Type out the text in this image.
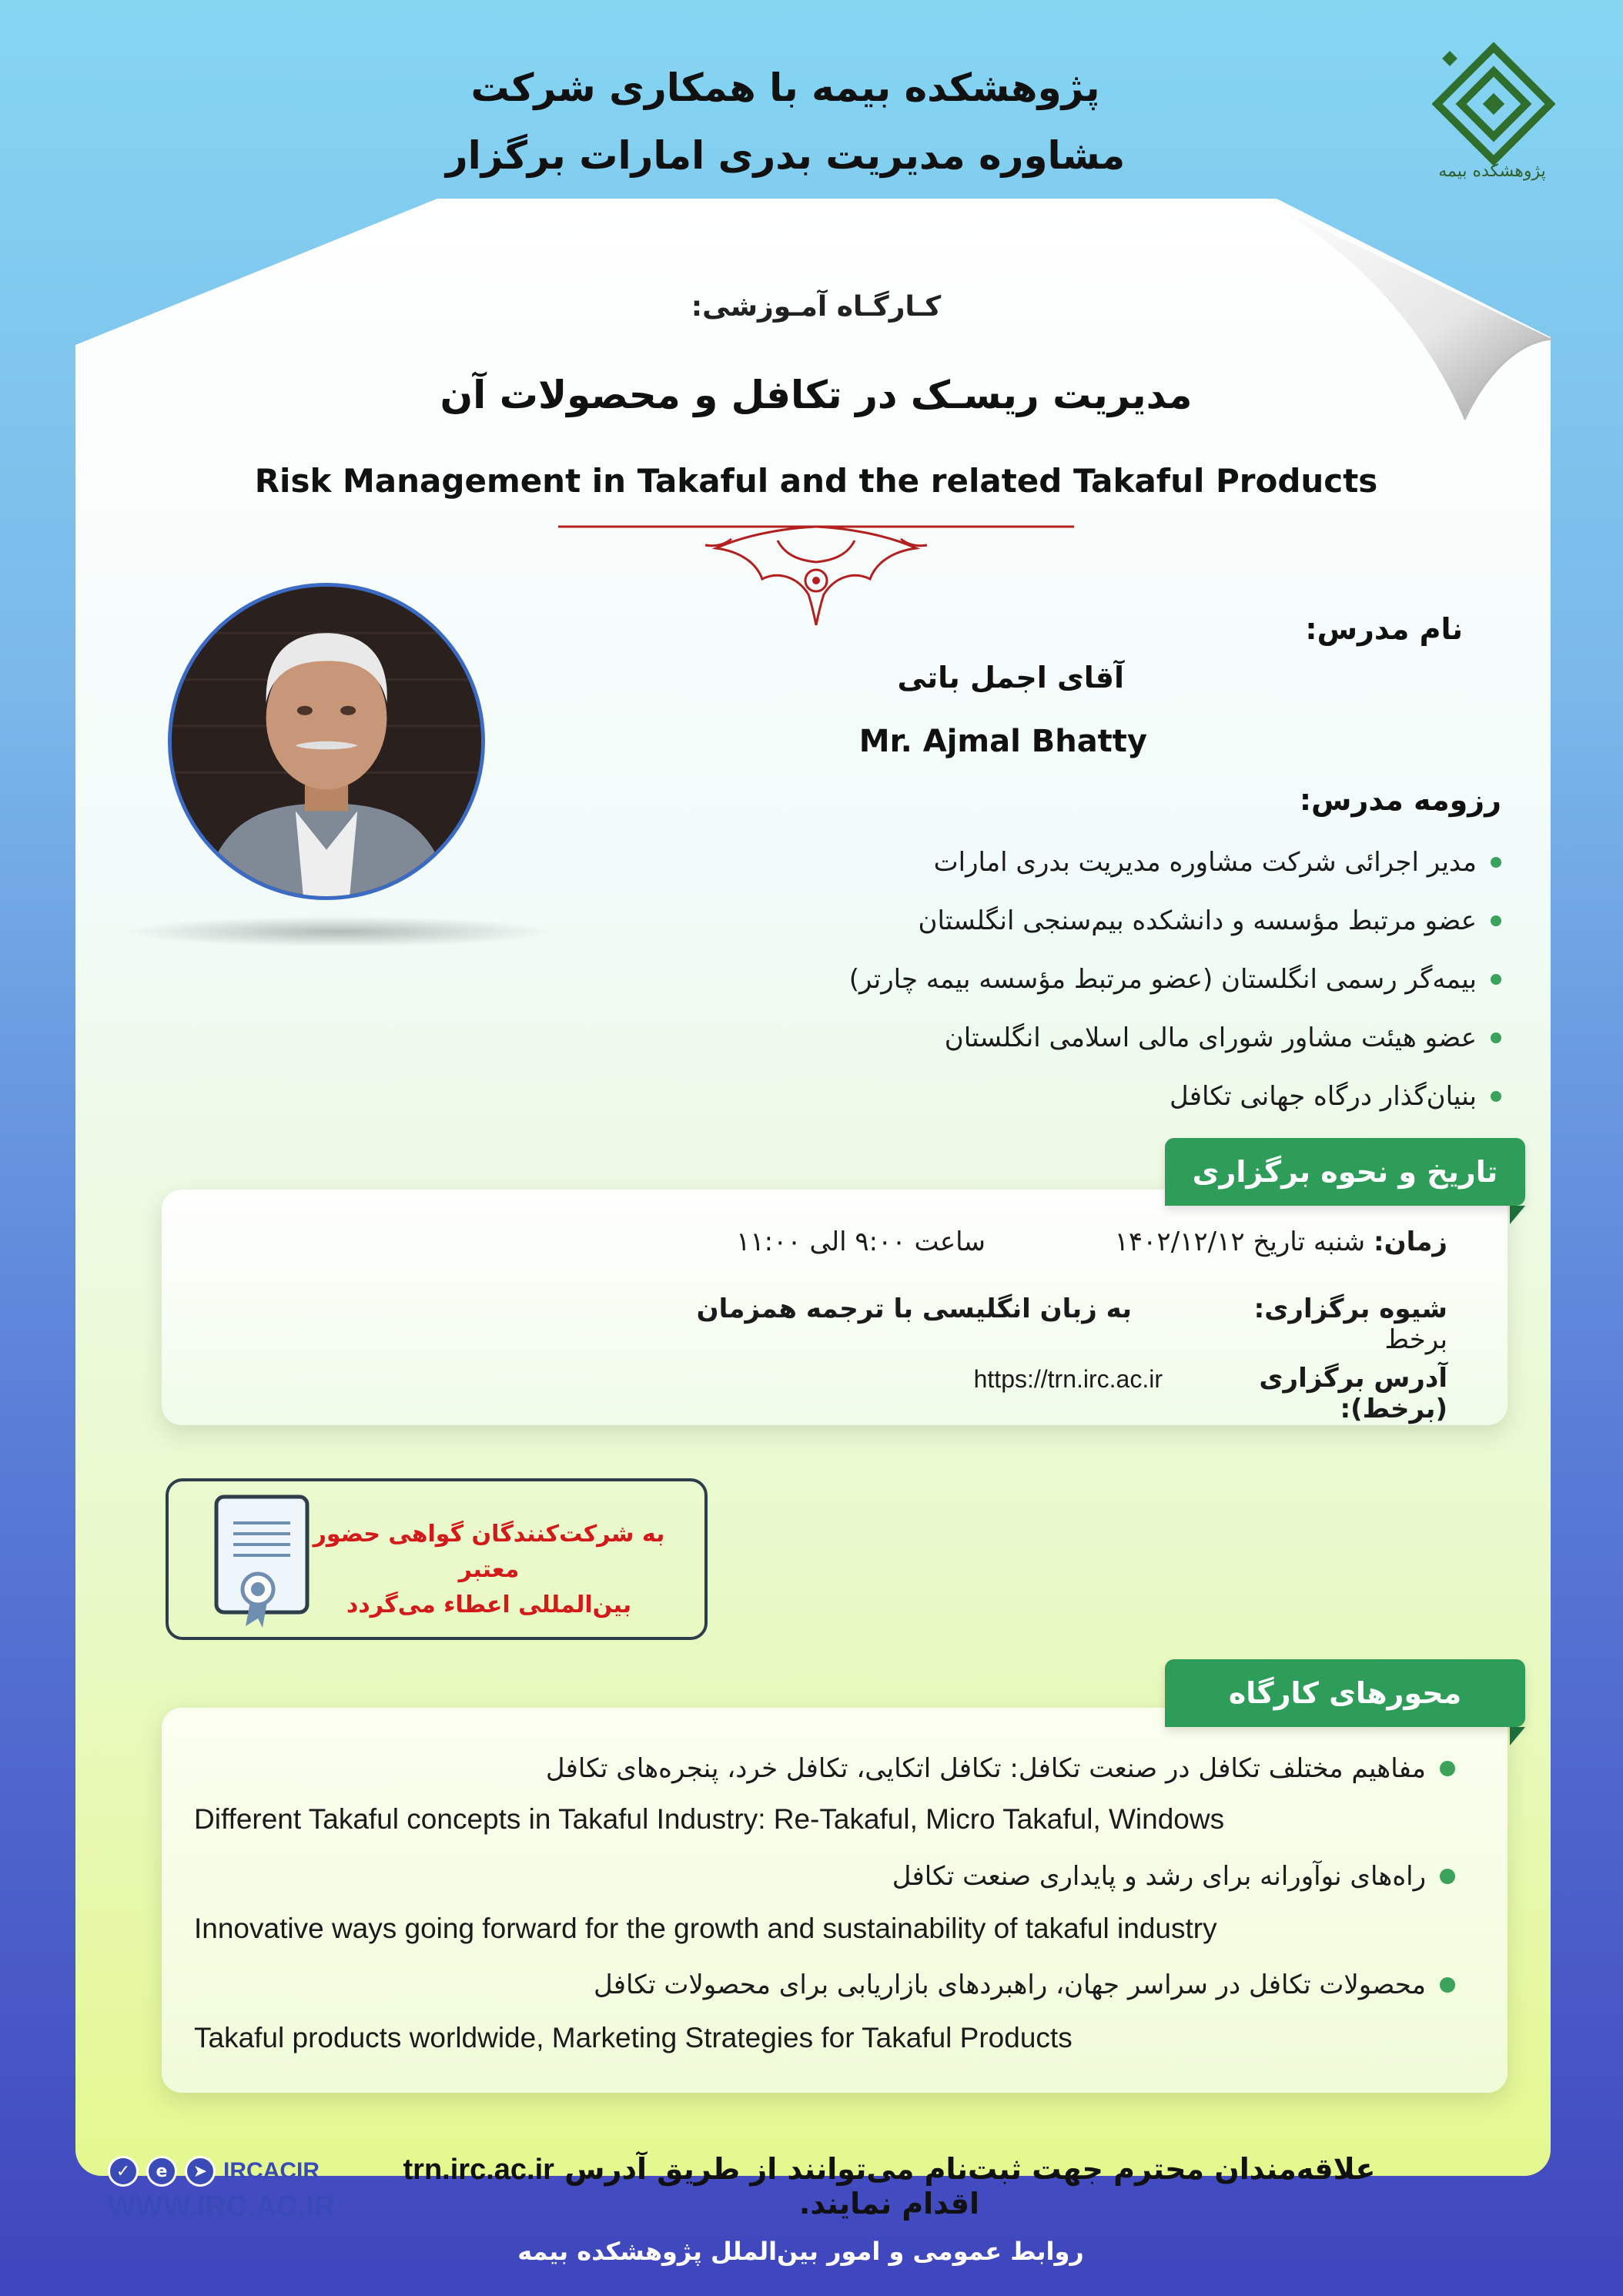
پژوهشکده بیمه با همکاری شرکت
مشاوره مدیریت بدری امارات برگزار	پژوهشکده بیمه
کـارگـاه آمـوزشی:
مدیریت ریسـک در تکافل و محصولات آن
Risk Management in Takaful and the related Takaful Products
نام مدرس:
آقای اجمل باتی
Mr. Ajmal Bhatty
رزومه مدرس:
مدیر اجرائی شرکت مشاوره مدیریت بدری امارات
عضو مرتبط مؤسسه و دانشکده بیم‌سنجی انگلستان
بیمه‌گر رسمی انگلستان (عضو مرتبط مؤسسه بیمه چارتر)
عضو هیئت مشاور شورای مالی اسلامی انگلستان
بنیان‌گذار درگاه جهانی تکافل
تاریخ و نحوه برگزاری
زمان: شنبه تاریخ ۱۴۰۲/۱۲/۱۲
ساعت ۹:۰۰ الی ۱۱:۰۰
شیوه برگزاری: برخط
به زبان انگلیسی با ترجمه همزمان
آدرس برگزاری (برخط):
https://trn.irc.ac.ir
به شرکت‌کنندگان گواهی حضور معتبر
بین‌المللی اعطاء می‌گردد
محورهای کارگاه
مفاهیم مختلف تکافل در صنعت تکافل: تکافل اتکایی، تکافل خرد، پنجره‌های تکافل
Different Takaful concepts in Takaful Industry: Re-Takaful, Micro Takaful, Windows
راه‌های نوآورانه برای رشد و پایداری صنعت تکافل
Innovative ways going forward for the growth and sustainability of takaful industry
محصولات تکافل در سراسر جهان، راهبردهای بازاریابی برای محصولات تکافل
Takaful products worldwide, Marketing Strategies for Takaful Products
علاقه‌مندان محترم جهت ثبت‌نام می‌توانند از طریق آدرس trn.irc.ac.ir اقدام نمایند.
✓	e	➤ IRCACIR
WWW.IRC.AC.IR
روابط عمومی و امور بین‌الملل پژوهشکده بیمه
